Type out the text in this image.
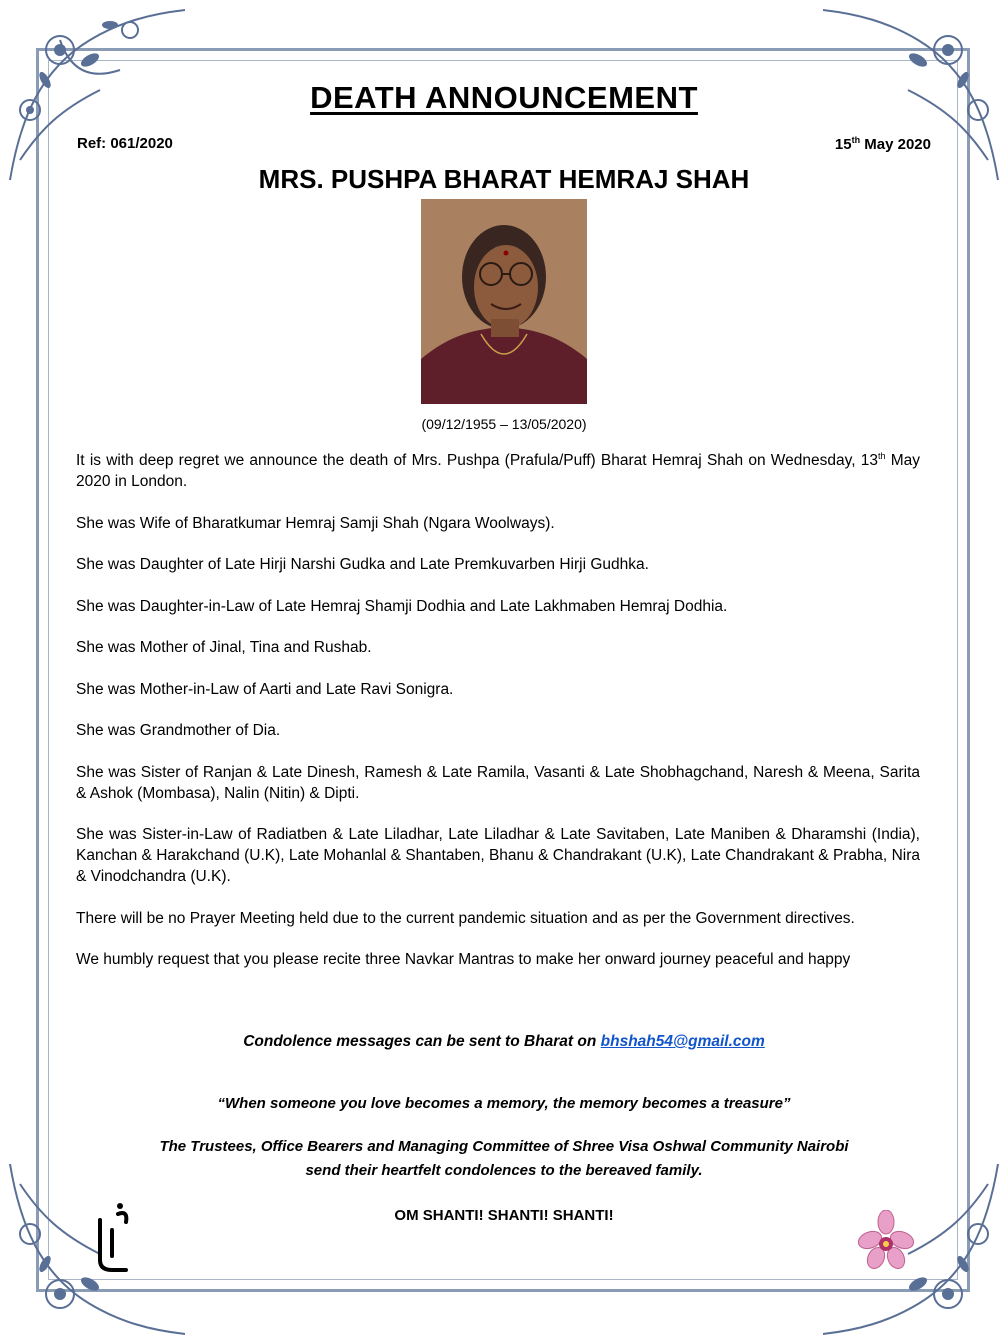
DEATH ANNOUNCEMENT
Ref: 061/2020	15th May 2020
MRS. PUSHPA BHARAT HEMRAJ SHAH
(09/12/1955 – 13/05/2020)

It is with deep regret we announce the death of Mrs. Pushpa (Prafula/Puff) Bharat Hemraj Shah on Wednesday, 13th May 2020 in London.

She was Wife of Bharatkumar Hemraj Samji Shah (Ngara Woolways).

She was Daughter of Late Hirji Narshi Gudka and Late Premkuvarben Hirji Gudhka.

She was Daughter-in-Law of Late Hemraj Shamji Dodhia and Late Lakhmaben Hemraj Dodhia.

She was Mother of Jinal, Tina and Rushab.

She was Mother-in-Law of Aarti and Late Ravi Sonigra.

She was Grandmother of Dia.

She was Sister of Ranjan & Late Dinesh, Ramesh & Late Ramila, Vasanti & Late Shobhagchand, Naresh & Meena, Sarita & Ashok (Mombasa), Nalin (Nitin) & Dipti.

She was Sister-in-Law of Radiatben & Late Liladhar, Late Liladhar & Late Savitaben, Late Maniben & Dharamshi (India), Kanchan & Harakchand (U.K), Late Mohanlal & Shantaben, Bhanu & Chandrakant (U.K), Late Chandrakant & Prabha, Nira & Vinodchandra (U.K).

There will be no Prayer Meeting held due to the current pandemic situation and as per the Government directives.

We humbly request that you please recite three Navkar Mantras to make her onward journey peaceful and happy

Condolence messages can be sent to Bharat on bhshah54@gmail.com
“When someone you love becomes a memory, the memory becomes a treasure”
The Trustees, Office Bearers and Managing Committee of Shree Visa Oshwal Community Nairobi
send their heartfelt condolences to the bereaved family.
OM SHANTI! SHANTI! SHANTI!
